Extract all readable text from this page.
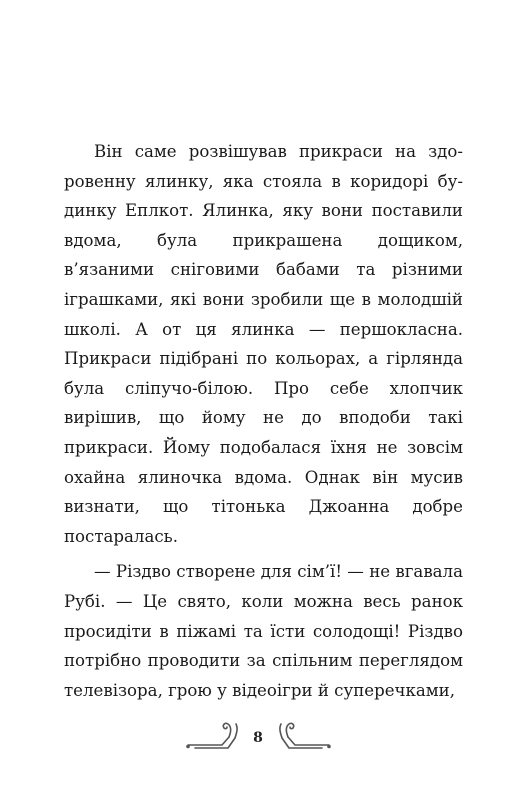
Він саме розвішував прикраси на здоровенну ялинку, яка стояла в коридорі будинку Еплкот. Ялинка, яку вони поставили вдома, була прикрашена дощиком, в’язаними сніговими бабами та різними іграшками, які вони зробили ще в молодшій школі. А от ця ялинка — першокласна. Прикраси підібрані по кольорах, а гірлянда була сліпучо-білою. Про себе хлопчик вирішив, що йому не до вподоби такі прикраси. Йому подобалася їхня не зовсім охайна ялиночка вдома. Однак він мусив визнати, що тітонька Джоанна добре постаралась.

— Різдво створене для сім’ї! — не вгавала Рубі. — Це свято, коли можна весь ранок просидіти в піжамі та їсти солодощі! Різдво потрібно проводити за спільним переглядом телевізора, грою у відеоігри й суперечками,

8
